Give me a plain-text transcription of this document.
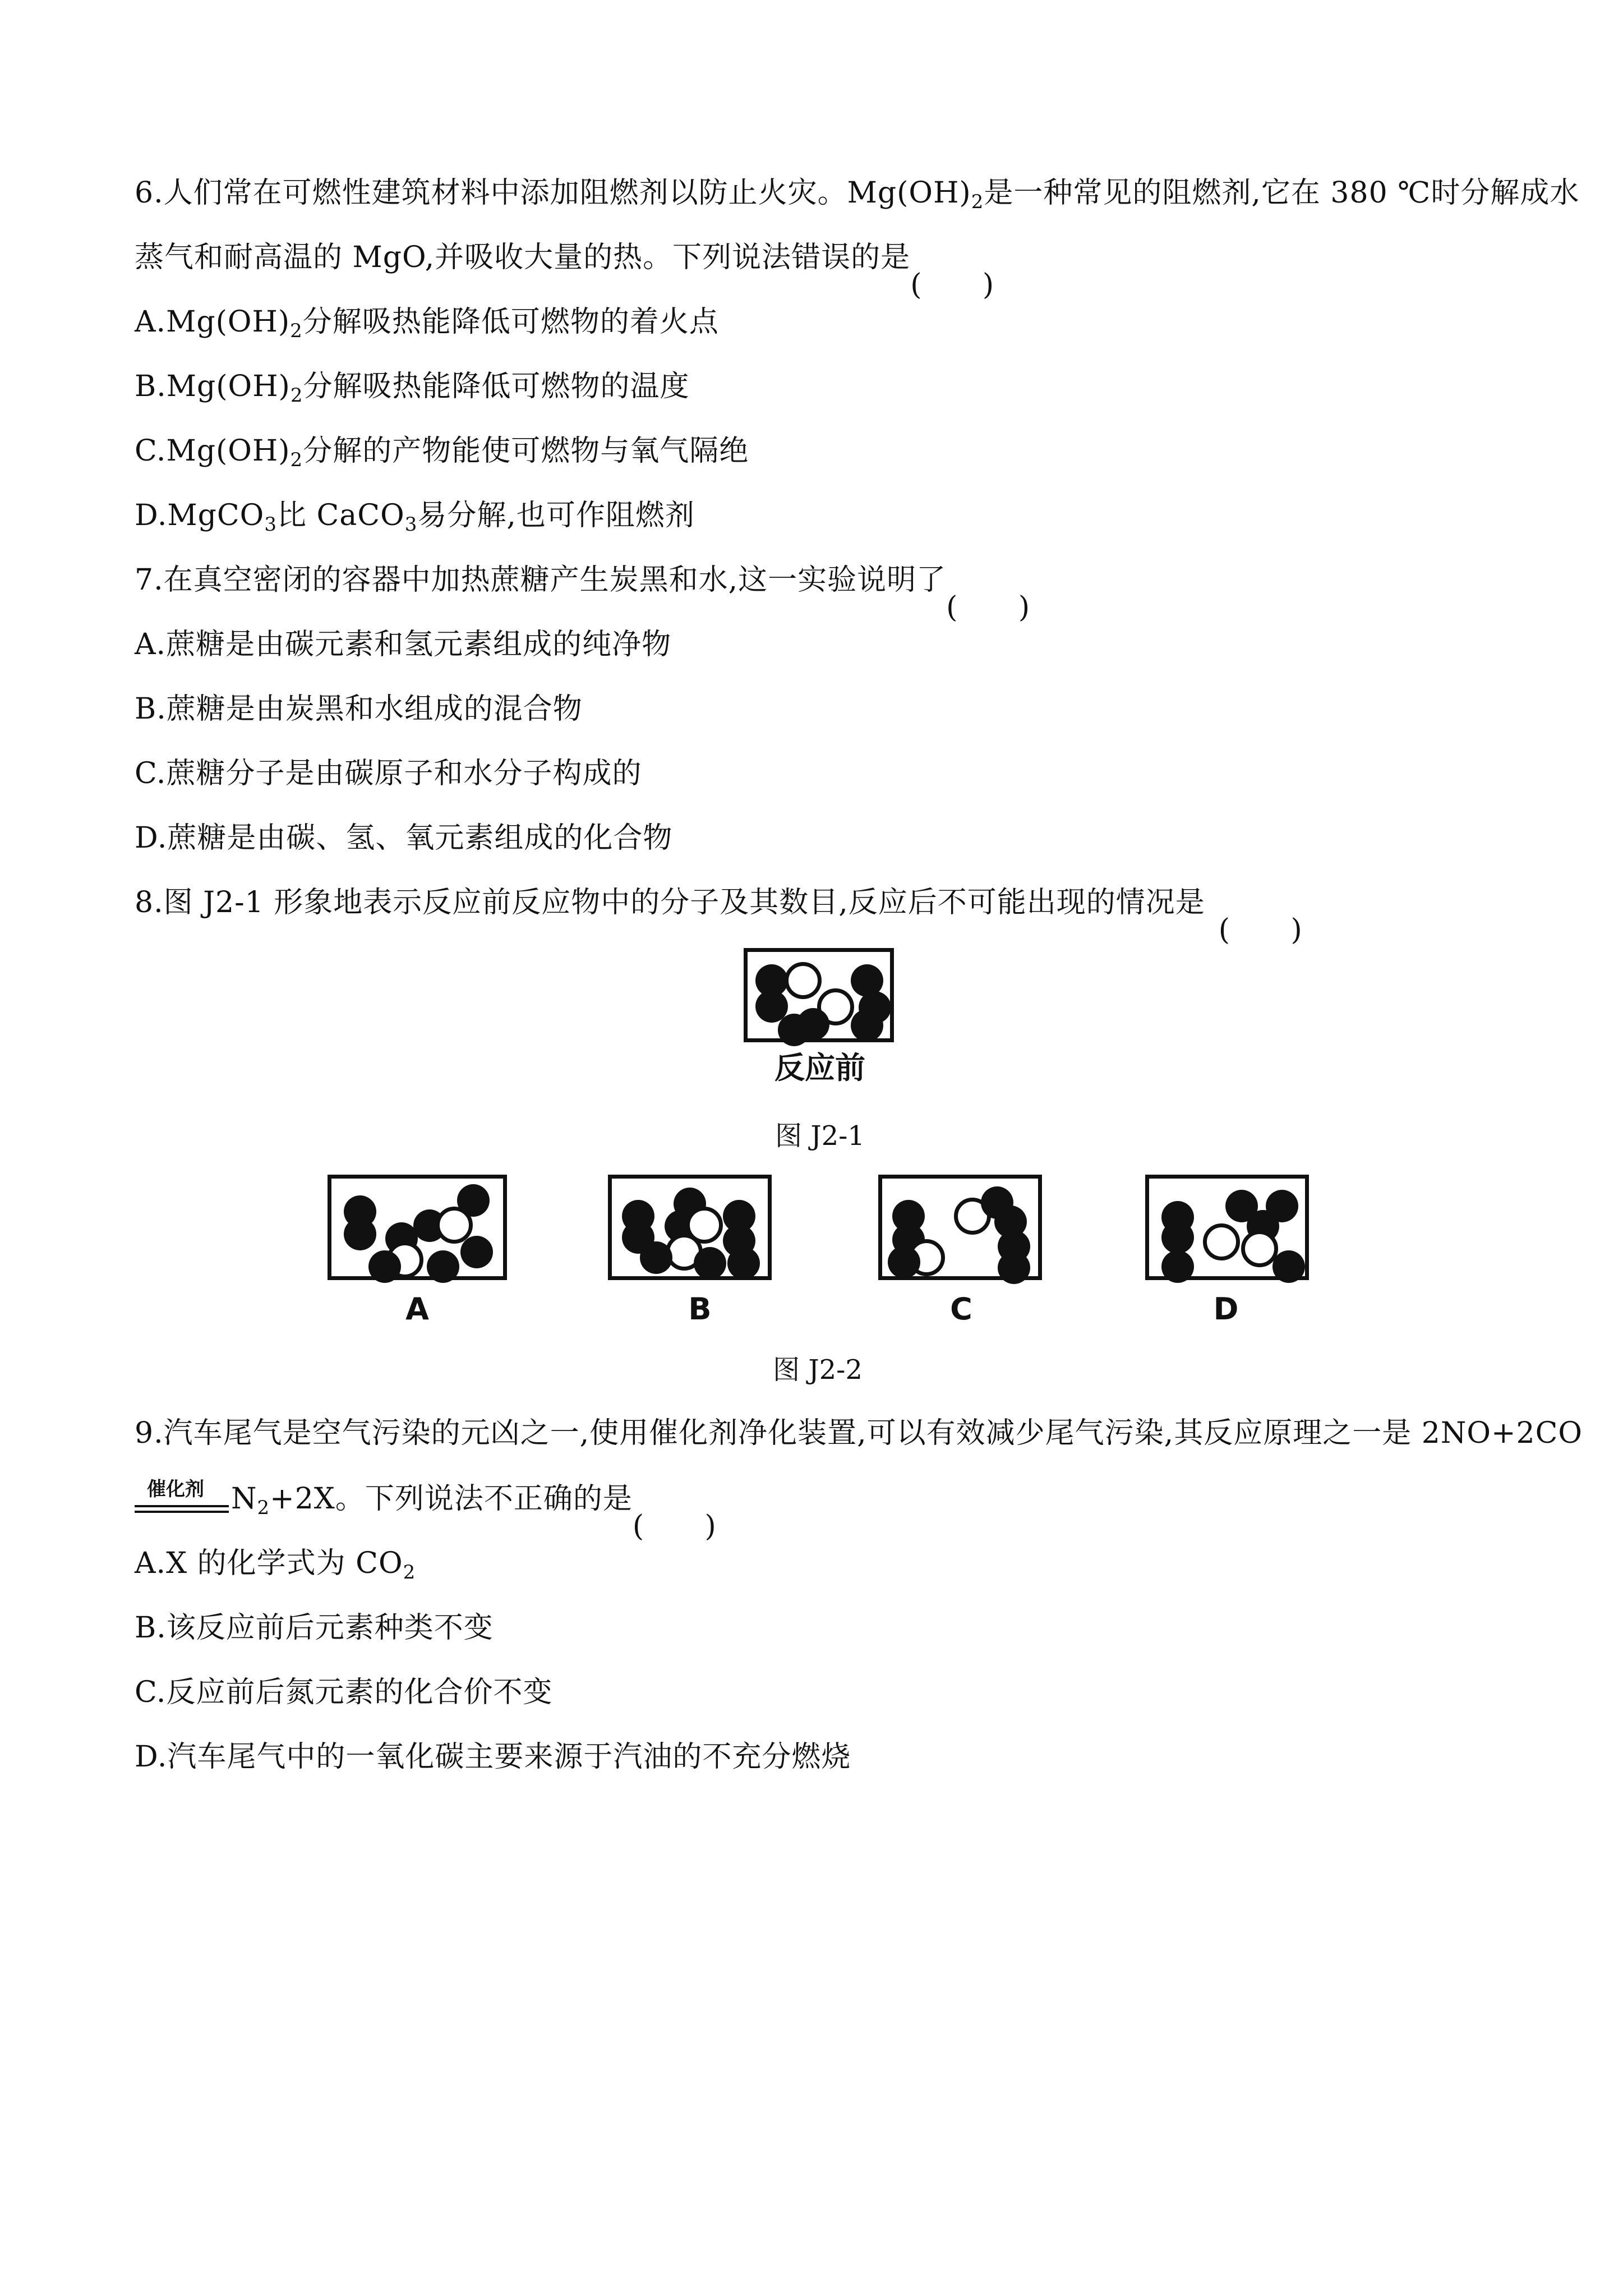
6.人们常在可燃性建筑材料中添加阻燃剂以防止火灾。$Mg(OH)_2$是一种常见的阻燃剂,它在 380 ℃时分解成水
蒸气和耐高温的 MgO,并吸收大量的热。下列说法错误的是
$A.Mg(OH)_2$分解吸热能降低可燃物的着火点
$B.Mg(OH)_2$分解吸热能降低可燃物的温度
$C.Mg(OH)_2$分解的产物能使可燃物与氧气隔绝
D.MgCO$_3$比 CaCO$_3$易分解,也可作阻燃剂
7.在真空密闭的容器中加热蔗糖产生炭黑和水,这一实验说明了
A.蔗糖是由碳元素和氢元素组成的纯净物
B.蔗糖是由炭黑和水组成的混合物
C.蔗糖分子是由碳原子和水分子构成的
D.蔗糖是由碳、氢、氧元素组成的化合物
8.图 J2-1 形象地表示反应前反应物中的分子及其数目,反应后不可能出现的情况是
反应前
图 J2-1
A	B	C	D
图 J2-2
9.汽车尾气是空气污染的元凶之一,使用催化剂净化装置,可以有效减少尾气污染,其反应原理之一是 2NO+2CO
催化剂 $N_2+2X$。下列说法不正确的是
A.X 的化学式为 $CO_2$
B.该反应前后元素种类不变
C.反应前后氮元素的化合价不变
D.汽车尾气中的一氧化碳主要来源于汽油的不充分燃烧
